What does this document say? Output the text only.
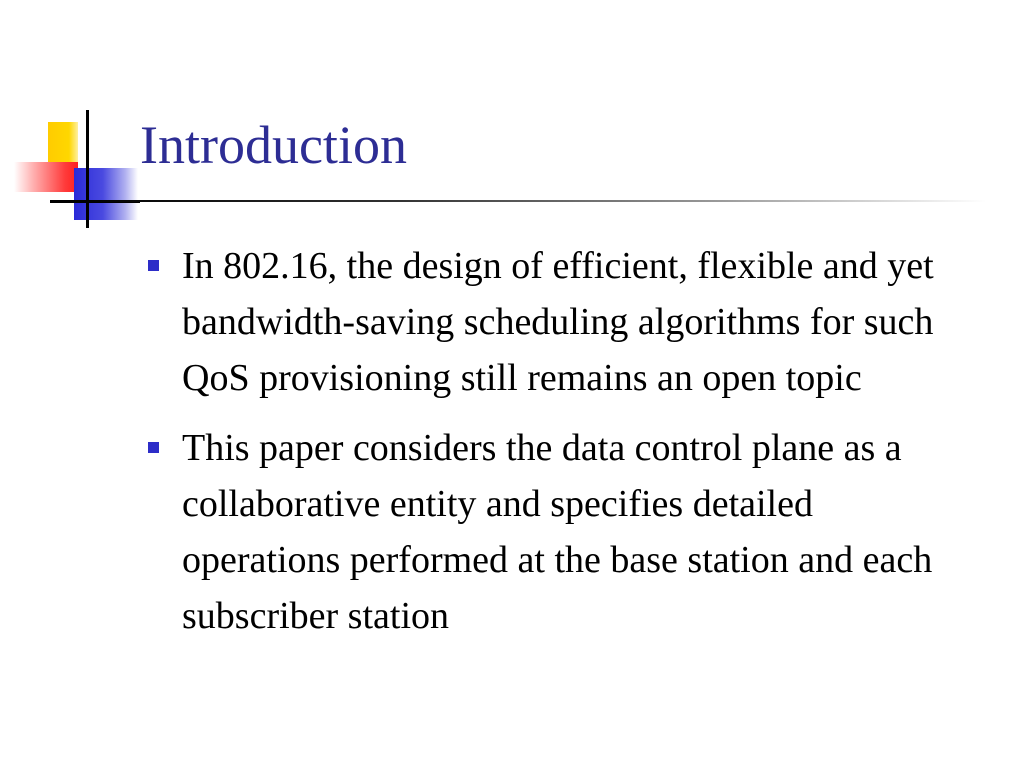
Introduction
In 802.16, the design of efficient, flexible and yet bandwidth-saving scheduling algorithms for such QoS provisioning still remains an open topic
This paper considers the data control plane as a collaborative entity and specifies detailed operations performed at the base station and each subscriber station
